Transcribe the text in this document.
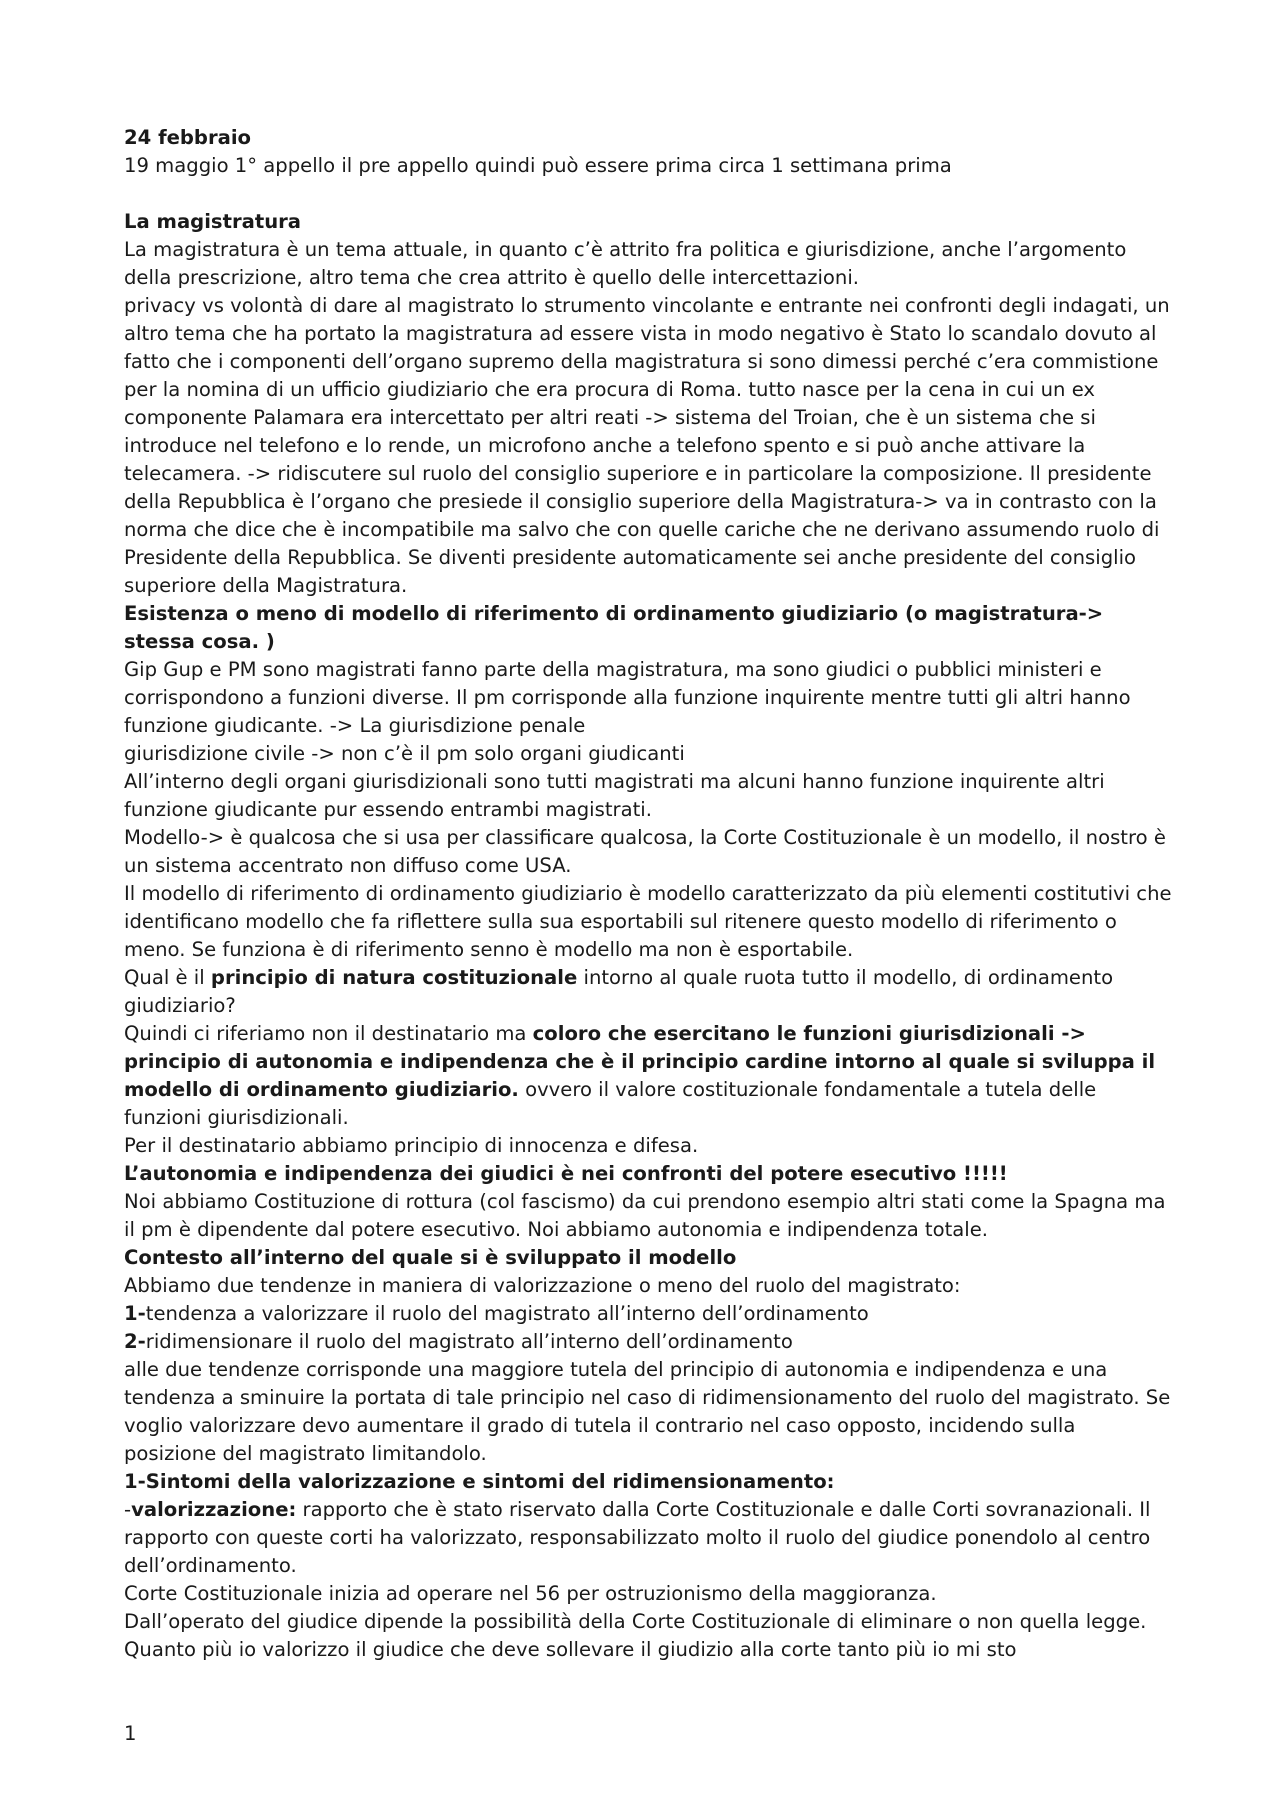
24 febbraio

19 maggio 1° appello il pre appello quindi può essere prima circa 1 settimana prima

La magistratura

La magistratura è un tema attuale, in quanto c’è attrito fra politica e giurisdizione, anche l’argomento della prescrizione, altro tema che crea attrito è quello delle intercettazioni.

privacy vs volontà di dare al magistrato lo strumento vincolante e entrante nei confronti degli indagati, un altro tema che ha portato la magistratura ad essere vista in modo negativo è Stato lo scandalo dovuto al fatto che i componenti dell’organo supremo della magistratura si sono dimessi perché c’era commistione per la nomina di un ufficio giudiziario che era procura di Roma. tutto nasce per la cena in cui un ex componente Palamara era intercettato per altri reati -> sistema del Troian, che è un sistema che si introduce nel telefono e lo rende, un microfono anche a telefono spento e si può anche attivare la telecamera. -> ridiscutere sul ruolo del consiglio superiore e in particolare la composizione. Il presidente della Repubblica è l’organo che presiede il consiglio superiore della Magistratura-> va in contrasto con la norma che dice che è incompatibile ma salvo che con quelle cariche che ne derivano assumendo ruolo di Presidente della Repubblica. Se diventi presidente automaticamente sei anche presidente del consiglio superiore della Magistratura.

Esistenza o meno di modello di riferimento di ordinamento giudiziario (o magistratura-> stessa cosa. )

Gip Gup e PM sono magistrati fanno parte della magistratura, ma sono giudici o pubblici ministeri e corrispondono a funzioni diverse. Il pm corrisponde alla funzione inquirente mentre tutti gli altri hanno funzione giudicante. -> La giurisdizione penale

giurisdizione civile -> non c’è il pm solo organi giudicanti

All’interno degli organi giurisdizionali sono tutti magistrati ma alcuni hanno funzione inquirente altri funzione giudicante pur essendo entrambi magistrati.

Modello-> è qualcosa che si usa per classificare qualcosa, la Corte Costituzionale è un modello, il nostro è un sistema accentrato non diffuso come USA.

Il modello di riferimento di ordinamento giudiziario è modello caratterizzato da più elementi costitutivi che identificano modello che fa riflettere sulla sua esportabili sul ritenere questo modello di riferimento o meno. Se funziona è di riferimento senno è modello ma non è esportabile.

Qual è il principio di natura costituzionale intorno al quale ruota tutto il modello, di ordinamento giudiziario?

Quindi ci riferiamo non il destinatario ma coloro che esercitano le funzioni giurisdizionali -> principio di autonomia e indipendenza che è il principio cardine intorno al quale si sviluppa il modello di ordinamento giudiziario. ovvero il valore costituzionale fondamentale a tutela delle funzioni giurisdizionali.

Per il destinatario abbiamo principio di innocenza e difesa.

L’autonomia e indipendenza dei giudici è nei confronti del potere esecutivo !!!!!

Noi abbiamo Costituzione di rottura (col fascismo) da cui prendono esempio altri stati come la Spagna ma il pm è dipendente dal potere esecutivo. Noi abbiamo autonomia e indipendenza totale.

Contesto all’interno del quale si è sviluppato il modello

Abbiamo due tendenze in maniera di valorizzazione o meno del ruolo del magistrato:

1-tendenza a valorizzare il ruolo del magistrato all’interno dell’ordinamento

2-ridimensionare il ruolo del magistrato all’interno dell’ordinamento

alle due tendenze corrisponde una maggiore tutela del principio di autonomia e indipendenza e una tendenza a sminuire la portata di tale principio nel caso di ridimensionamento del ruolo del magistrato. Se voglio valorizzare devo aumentare il grado di tutela il contrario nel caso opposto, incidendo sulla posizione del magistrato limitandolo.

1-Sintomi della valorizzazione e sintomi del ridimensionamento:

-valorizzazione: rapporto che è stato riservato dalla Corte Costituzionale e dalle Corti sovranazionali. Il rapporto con queste corti ha valorizzato, responsabilizzato molto il ruolo del giudice ponendolo al centro dell’ordinamento.

Corte Costituzionale inizia ad operare nel 56 per ostruzionismo della maggioranza.

Dall’operato del giudice dipende la possibilità della Corte Costituzionale di eliminare o non quella legge. Quanto più io valorizzo il giudice che deve sollevare il giudizio alla corte tanto più io mi sto

1
